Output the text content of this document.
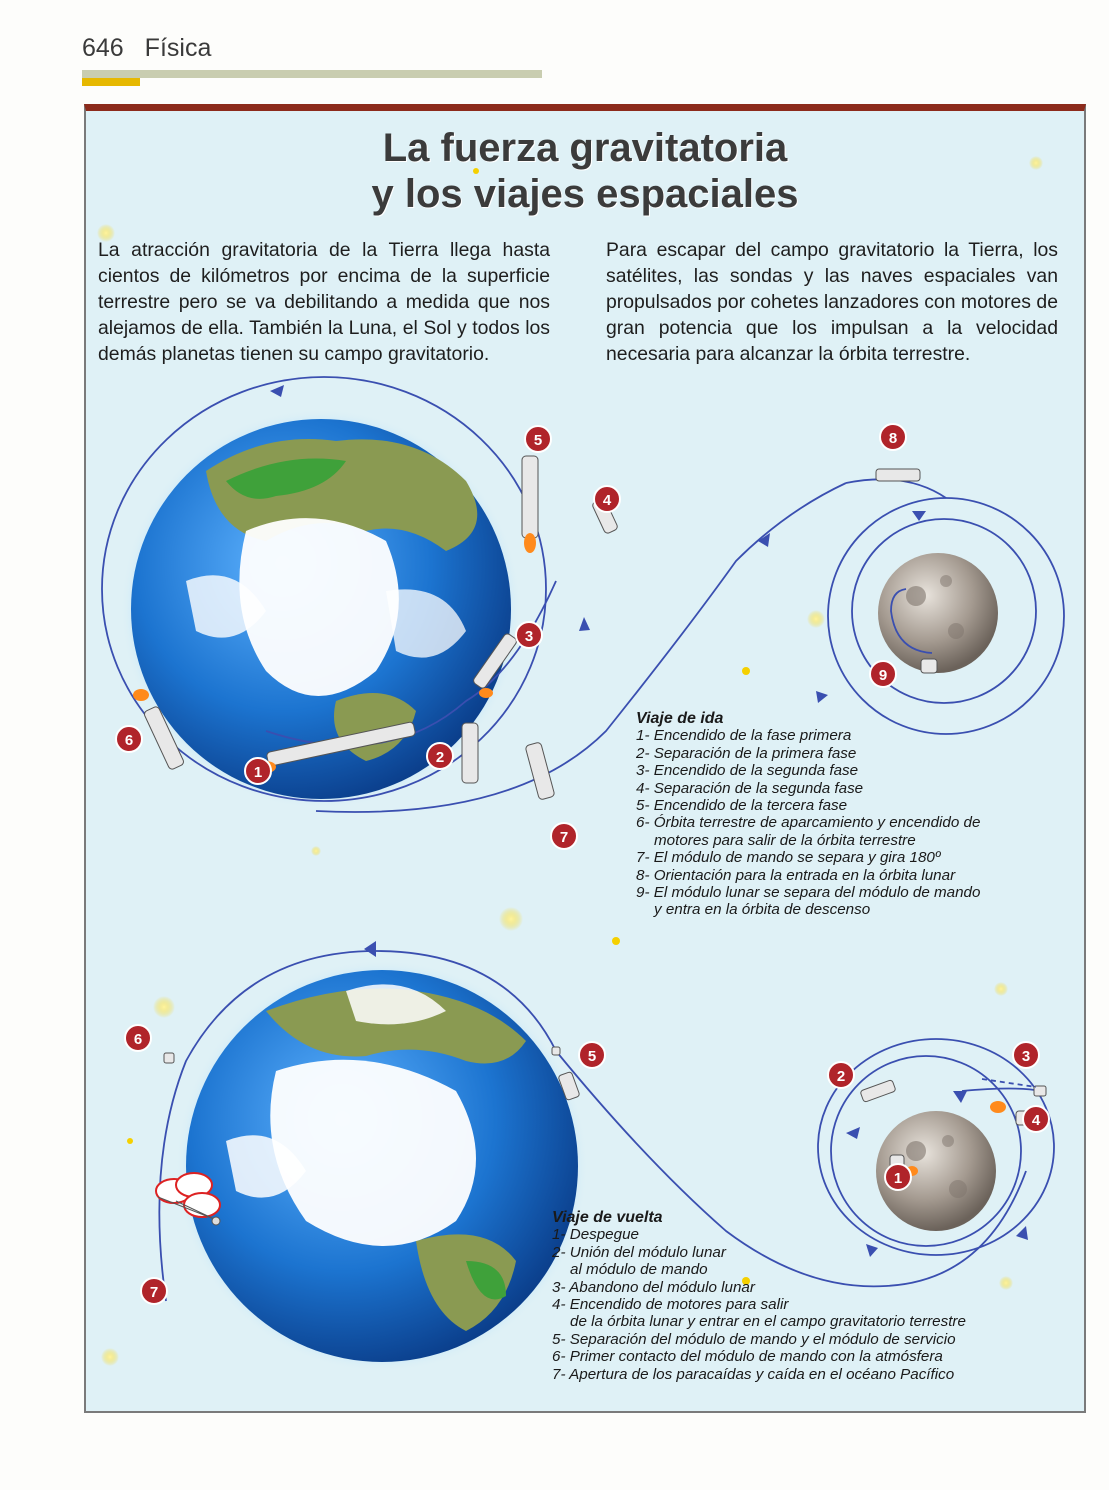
646 Física
1
2
3
4
5
6
7
8
9
1
2
3
4
5
6
7
La fuerza gravitatoria
y los viajes espaciales
La atracción gravitatoria de la Tierra llega hasta cientos de kilómetros por encima de la superficie terrestre pero se va debilitando a medida que nos alejamos de ella. También la Luna, el Sol y todos los demás planetas tienen su campo gravitatorio.
Para escapar del campo gravitatorio la Tierra, los satélites, las sondas y las naves espaciales van propulsados por cohetes lanzadores con motores de gran potencia que los impulsan a la velocidad necesaria para alcanzar la órbita terrestre.
Viaje de ida
1- Encendido de la fase primera
2- Separación de la primera fase
3- Encendido de la segunda fase
4- Separación de la segunda fase
5- Encendido de la tercera fase
6- Órbita terrestre de aparcamiento y encendido de
motores para salir de la órbita terrestre
7- El módulo de mando se separa y gira 180º
8- Orientación para la entrada en la órbita lunar
9- El módulo lunar se separa del módulo de mando
y entra en la órbita de descenso
Viaje de vuelta
1- Despegue
2- Unión del módulo lunar
al módulo de mando
3- Abandono del módulo lunar
4- Encendido de motores para salir
de la órbita lunar y entrar en el campo gravitatorio terrestre
5- Separación del módulo de mando y el módulo de servicio
6- Primer contacto del módulo de mando con la atmósfera
7- Apertura de los paracaídas y caída en el océano Pacífico
